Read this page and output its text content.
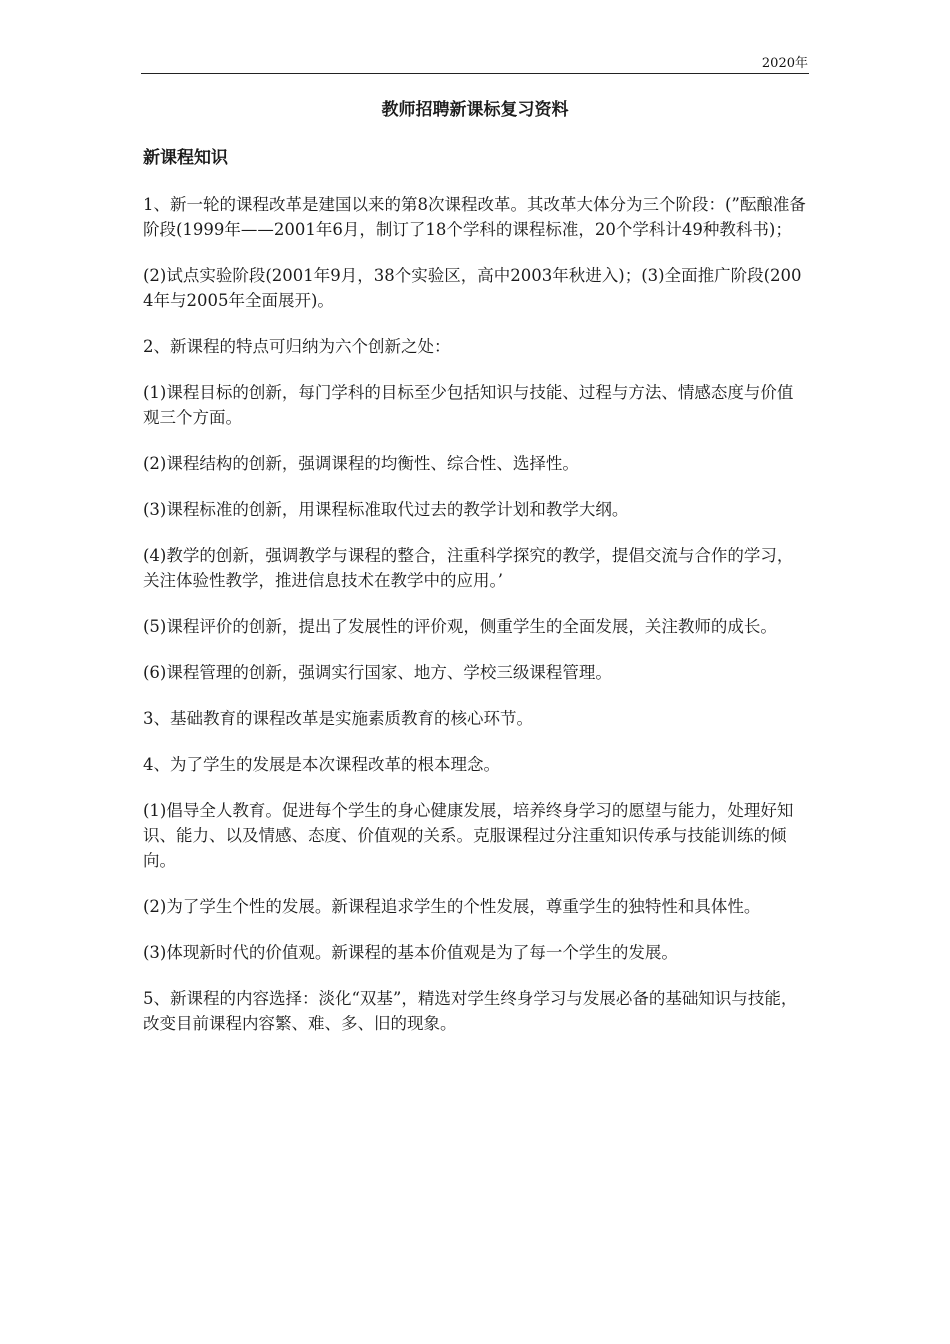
2020年
教师招聘新课标复习资料
新课程知识

1、新一轮的课程改革是建国以来的第8次课程改革。其改革大体分为三个阶段：(”酝酿准备阶段(1999年——2001年6月，制订了18个学科的课程标准，20个学科计49种教科书)；

(2)试点实验阶段(2001年9月，38个实验区，高中2003年秋进入)；(3)全面推广阶段(2004年与2005年全面展开)。

2、新课程的特点可归纳为六个创新之处：

(1)课程目标的创新，每门学科的目标至少包括知识与技能、过程与方法、情感态度与价值观三个方面。

(2)课程结构的创新，强调课程的均衡性、综合性、选择性。

(3)课程标准的创新，用课程标准取代过去的教学计划和教学大纲。

(4)教学的创新，强调教学与课程的整合，注重科学探究的教学，提倡交流与合作的学习，关注体验性教学，推进信息技术在教学中的应用。’

(5)课程评价的创新，提出了发展性的评价观，侧重学生的全面发展，关注教师的成长。

(6)课程管理的创新，强调实行国家、地方、学校三级课程管理。

3、基础教育的课程改革是实施素质教育的核心环节。

4、为了学生的发展是本次课程改革的根本理念。

(1)倡导全人教育。促进每个学生的身心健康发展，培养终身学习的愿望与能力，处理好知识、能力、以及情感、态度、价值观的关系。克服课程过分注重知识传承与技能训练的倾向。

(2)为了学生个性的发展。新课程追求学生的个性发展，尊重学生的独特性和具体性。

(3)体现新时代的价值观。新课程的基本价值观是为了每一个学生的发展。

5、新课程的内容选择：淡化“双基”，精选对学生终身学习与发展必备的基础知识与技能，改变目前课程内容繁、难、多、旧的现象。
